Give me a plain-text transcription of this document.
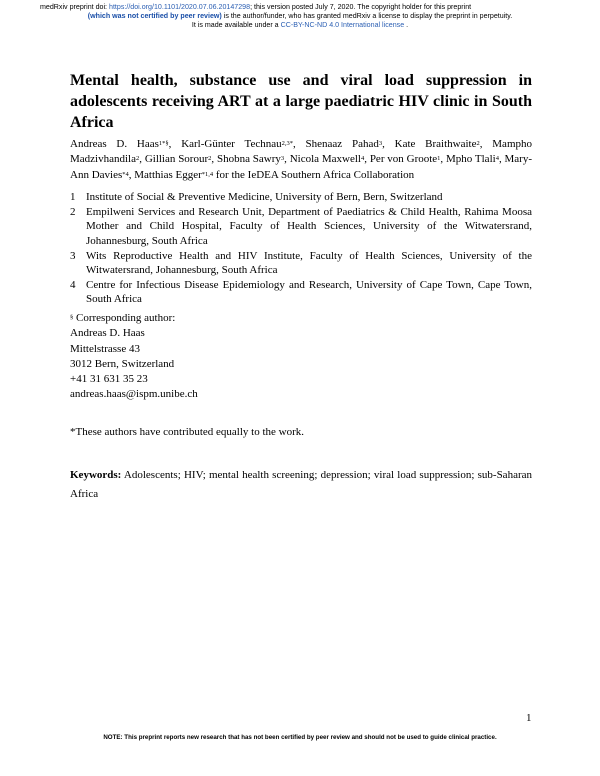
medRxiv preprint doi: https://doi.org/10.1101/2020.07.06.20147298; this version posted July 7, 2020. The copyright holder for this preprint
(which was not certified by peer review) is the author/funder, who has granted medRxiv a license to display the preprint in perpetuity.
It is made available under a CC-BY-NC-ND 4.0 International license .
Mental health, substance use and viral load suppression in adolescents receiving ART at a large paediatric HIV clinic in South Africa
Andreas D. Haas$^{1*\S}$, Karl-Günter Technau$^{2,3*}$, Shenaaz Pahad$^3$, Kate Braithwaite$^2$, Mampho Madzivhandila$^2$, Gillian Sorour$^2$, Shobna Sawry$^3$, Nicola Maxwell$^4$, Per von Groote$^1$, Mpho Tlali$^4$, Mary-Ann Davies$^{*4}$, Matthias Egger$^{*1,4}$ for the IeDEA Southern Africa Collaboration
1 Institute of Social & Preventive Medicine, University of Bern, Bern, Switzerland
2 Empilweni Services and Research Unit, Department of Paediatrics & Child Health, Rahima Moosa Mother and Child Hospital, Faculty of Health Sciences, University of the Witwatersrand, Johannesburg, South Africa
3 Wits Reproductive Health and HIV Institute, Faculty of Health Sciences, University of the Witwatersrand, Johannesburg, South Africa
4 Centre for Infectious Disease Epidemiology and Research, University of Cape Town, Cape Town, South Africa
§ Corresponding author:
Andreas D. Haas
Mittelstrasse 43
3012 Bern, Switzerland
+41 31 631 35 23
andreas.haas@ispm.unibe.ch
*These authors have contributed equally to the work.
Keywords: Adolescents; HIV; mental health screening; depression; viral load suppression; sub-Saharan Africa
1
NOTE: This preprint reports new research that has not been certified by peer review and should not be used to guide clinical practice.
